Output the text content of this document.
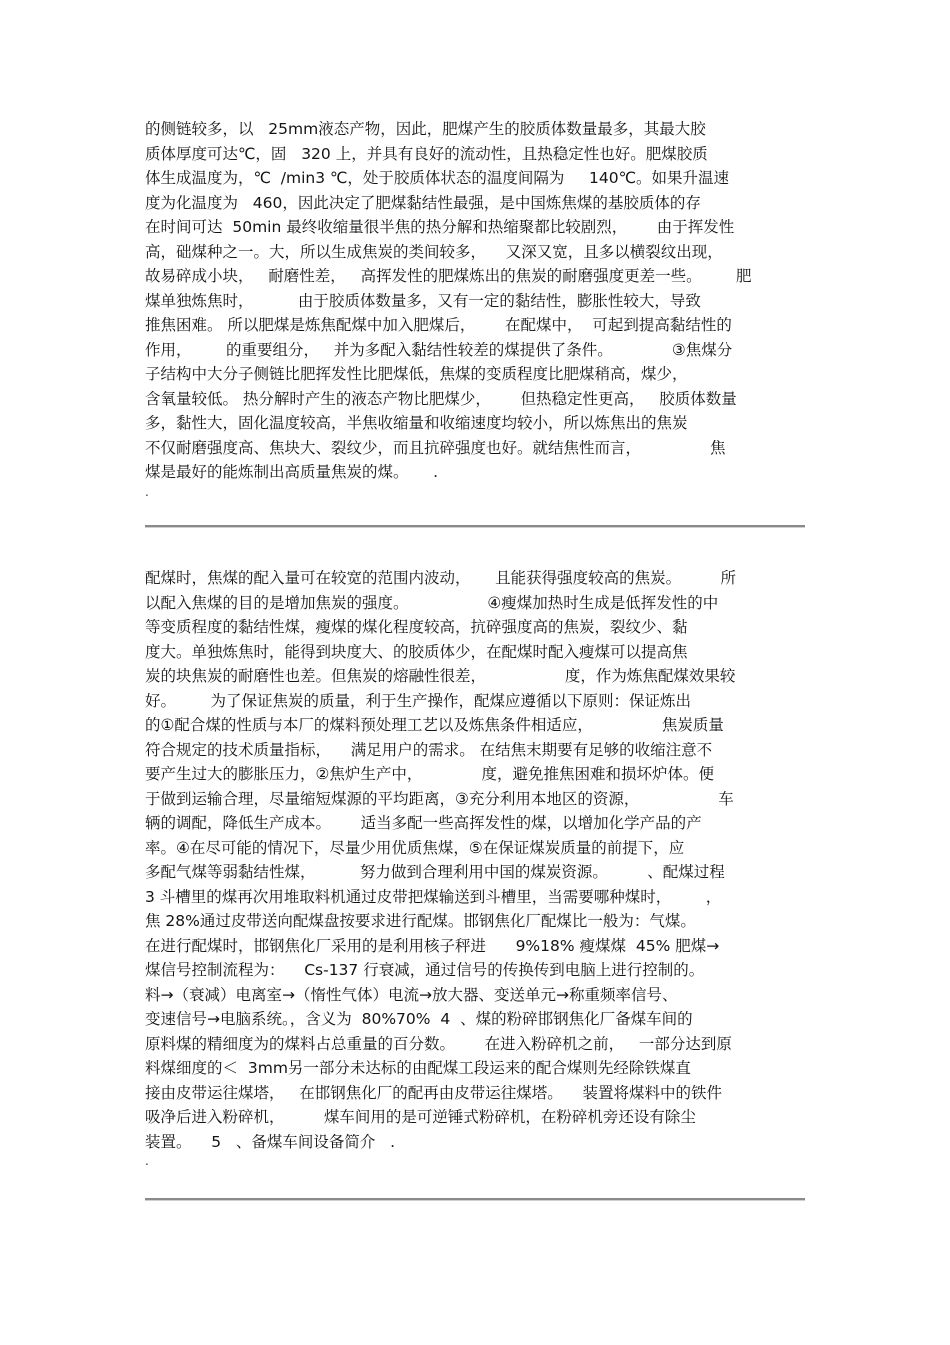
的侧链较多，以   25mm液态产物，因此，肥煤产生的胶质体数量最多，其最大胶
质体厚度可达℃，固   320 上，并具有良好的流动性，且热稳定性也好。肥煤胶质
体生成温度为，℃  /min3 ℃，处于胶质体状态的温度间隔为     140℃。如果升温速
度为化温度为   460，因此决定了肥煤黏结性最强，是中国炼焦煤的基胶质体的存
在时间可达  50min 最终收缩量很半焦的热分解和热缩聚都比较剧烈，      由于挥发性
高，础煤种之一。大，所以生成焦炭的类间较多，    又深又宽，且多以横裂纹出现，
故易碎成小块，   耐磨性差，   高挥发性的肥煤炼出的焦炭的耐磨强度更差一些。       肥
煤单独炼焦时，         由于胶质体数量多，又有一定的黏结性，膨胀性较大，导致
推焦困难。 所以肥煤是炼焦配煤中加入肥煤后，      在配煤中，  可起到提高黏结性的
作用，       的重要组分，   并为多配入黏结性较差的煤提供了条件。            ③焦煤分
子结构中大分子侧链比肥挥发性比肥煤低，焦煤的变质程度比肥煤稍高，煤少，
含氧量较低。 热分解时产生的液态产物比肥煤少，      但热稳定性更高，   胶质体数量
多，黏性大，固化温度较高，半焦收缩量和收缩速度均较小，所以炼焦出的焦炭
不仅耐磨强度高、焦块大、裂纹少，而且抗碎强度也好。就结焦性而言，              焦
煤是最好的能炼制出高质量焦炭的煤。     .
.
配煤时，焦煤的配入量可在较宽的范围内波动，     且能获得强度较高的焦炭。        所
以配入焦煤的目的是增加焦炭的强度。                ④瘦煤加热时生成是低挥发性的中
等变质程度的黏结性煤，瘦煤的煤化程度较高，抗碎强度高的焦炭，裂纹少、黏
度大。单独炼焦时，能得到块度大、的胶质体少，在配煤时配入瘦煤可以提高焦
炭的块焦炭的耐磨性也差。但焦炭的熔融性很差，                度，作为炼焦配煤效果较
好。       为了保证焦炭的质量，利于生产操作，配煤应遵循以下原则：保证炼出
的①配合煤的性质与本厂的煤料预处理工艺以及炼焦条件相适应，              焦炭质量
符合规定的技术质量指标，    满足用户的需求。 在结焦末期要有足够的收缩注意不
要产生过大的膨胀压力，②焦炉生产中，            度，避免推焦困难和损坏炉体。便
于做到运输合理，尽量缩短煤源的平均距离，③充分利用本地区的资源，                车
辆的调配，降低生产成本。      适当多配一些高挥发性的煤，以增加化学产品的产
率。④在尽可能的情况下，尽量少用优质焦煤，⑤在保证煤炭质量的前提下，应
多配气煤等弱黏结性煤，         努力做到合理利用中国的煤炭资源。        、配煤过程
3 斗槽里的煤再次用堆取料机通过皮带把煤输送到斗槽里，当需要哪种煤时，       ，
焦 28%通过皮带送向配煤盘按要求进行配煤。邯钢焦化厂配煤比一般为：气煤。
在进行配煤时，邯钢焦化厂采用的是利用核子秤进      9%18% 瘦煤煤  45% 肥煤→
煤信号控制流程为：    Cs-137 行衰减，通过信号的传换传到电脑上进行控制的。
料→（衰减）电离室→（惰性气体）电流→放大器、变送单元→称重频率信号、
变速信号→电脑系统。，含义为  80%70%  4  、煤的粉碎邯钢焦化厂备煤车间的
原料煤的精细度为的煤料占总重量的百分数。      在进入粉碎机之前，   一部分达到原
料煤细度的＜  3mm另一部分未达标的由配煤工段运来的配合煤则先经除铁煤直
接由皮带运往煤塔，   在邯钢焦化厂的配再由皮带运往煤塔。    装置将煤料中的铁件
吸净后进入粉碎机，        煤车间用的是可逆锤式粉碎机，在粉碎机旁还设有除尘
装置。    5   、备煤车间设备简介   .
.
